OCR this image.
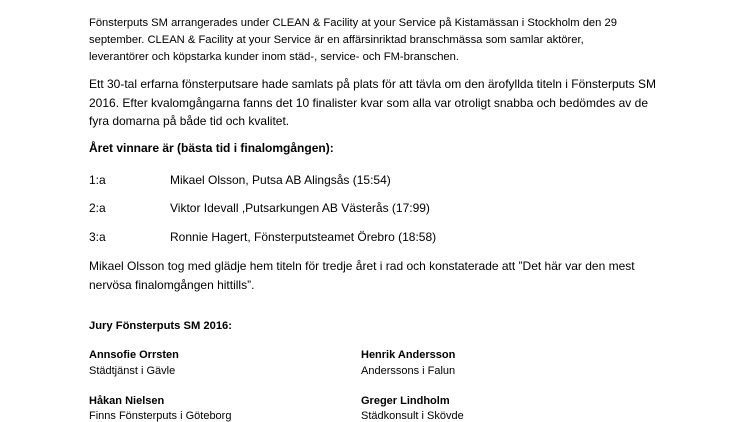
Fönsterputs SM arrangerades under CLEAN & Facility at your Service på Kistamässan i Stockholm den 29 september. CLEAN & Facility at your Service är en affärsinriktad branschmässa som samlar aktörer, leverantörer och köpstarka kunder inom städ-, service- och FM-branschen.

Ett 30-tal erfarna fönsterputsare hade samlats på plats för att tävla om den ärofyllda titeln i Fönsterputs SM 2016. Efter kvalomgångarna fanns det 10 finalister kvar som alla var otroligt snabba och bedömdes av de fyra domarna på både tid och kvalitet.

Året vinnare är (bästa tid i finalomgången):

1:a	Mikael Olsson, Putsa AB Alingsås (15:54)
2:a	Viktor Idevall ,Putsarkungen AB Västerås (17:99)
3:a	Ronnie Hagert, Fönsterputsteamet Örebro (18:58)

Mikael Olsson tog med glädje hem titeln för tredje året i rad och konstaterade att ”Det här var den mest nervösa finalomgången hittills”.

Jury Fönsterputs SM 2016:

Annsofie Orrsten
Städtjänst i Gävle
Henrik Andersson
Anderssons i Falun
Håkan Nielsen
Finns Fönsterputs i Göteborg
Greger Lindholm
Städkonsult i Skövde
